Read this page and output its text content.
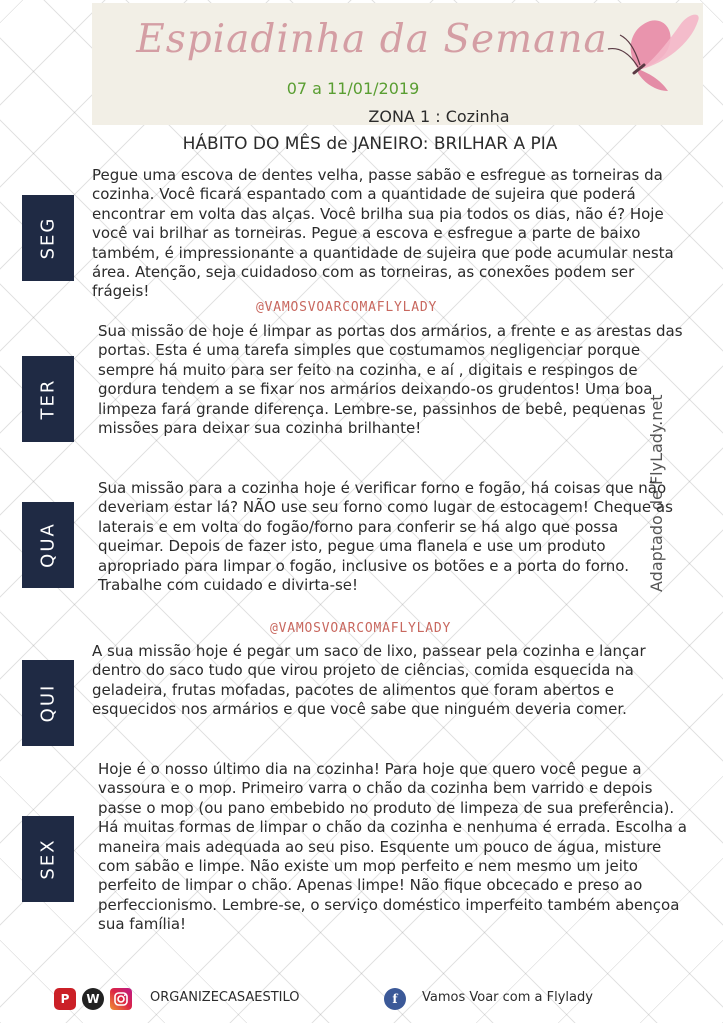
Espiadinha da Semana
07 a 11/01/2019
ZONA 1 : Cozinha
HÁBITO DO MÊS de JANEIRO: BRILHAR A PIA
Adaptado de FlyLady.net
SEG
Pegue uma escova de dentes velha, passe sabão e esfregue as torneiras da cozinha. Você ficará espantado com a quantidade de sujeira que poderá encontrar em volta das alças. Você brilha sua pia todos os dias, não é? Hoje você vai brilhar as torneiras. Pegue a escova e esfregue a parte de baixo também, é impressionante a quantidade de sujeira que pode acumular nesta área. Atenção, seja cuidadoso com as torneiras, as conexões podem ser frágeis!
@VAMOSVOARCOMAFLYLADY
TER
Sua missão de hoje é limpar as portas dos armários, a frente e as arestas das portas. Esta é uma tarefa simples que costumamos negligenciar porque sempre há muito para ser feito na cozinha, e aí , digitais e respingos de gordura tendem a se fixar nos armários deixando-os grudentos! Uma boa limpeza fará grande diferença. Lembre-se, passinhos de bebê, pequenas missões para deixar sua cozinha brilhante!
QUA
Sua missão para a cozinha hoje é verificar forno e fogão, há coisas que não deveriam estar lá? NÃO use seu forno como lugar de estocagem! Cheque as laterais e em volta do fogão/forno para conferir se há algo que possa queimar. Depois de fazer isto, pegue uma flanela e use um produto apropriado para limpar o fogão, inclusive os botões e a porta do forno. Trabalhe com cuidado e divirta-se!
@VAMOSVOARCOMAFLYLADY
QUI
A sua missão hoje é pegar um saco de lixo, passear pela cozinha e lançar dentro do saco tudo que virou projeto de ciências, comida esquecida na geladeira, frutas mofadas, pacotes de alimentos que foram abertos e esquecidos nos armários e que você sabe que ninguém deveria comer.
SEX
Hoje é o nosso último dia na cozinha! Para hoje que quero você pegue a vassoura e o mop. Primeiro varra o chão da cozinha bem varrido e depois passe o mop (ou pano embebido no produto de limpeza de sua preferência). Há muitas formas de limpar o chão da cozinha e nenhuma é errada. Escolha a maneira mais adequada ao seu piso. Esquente um pouco de água, misture com sabão e limpe. Não existe um mop perfeito e nem mesmo um jeito perfeito de limpar o chão. Apenas limpe! Não fique obcecado e preso ao perfeccionismo. Lembre-se, o serviço doméstico imperfeito também abençoa sua família!
P	W	ORGANIZECASAESTILO	f	Vamos Voar com a Flylady
